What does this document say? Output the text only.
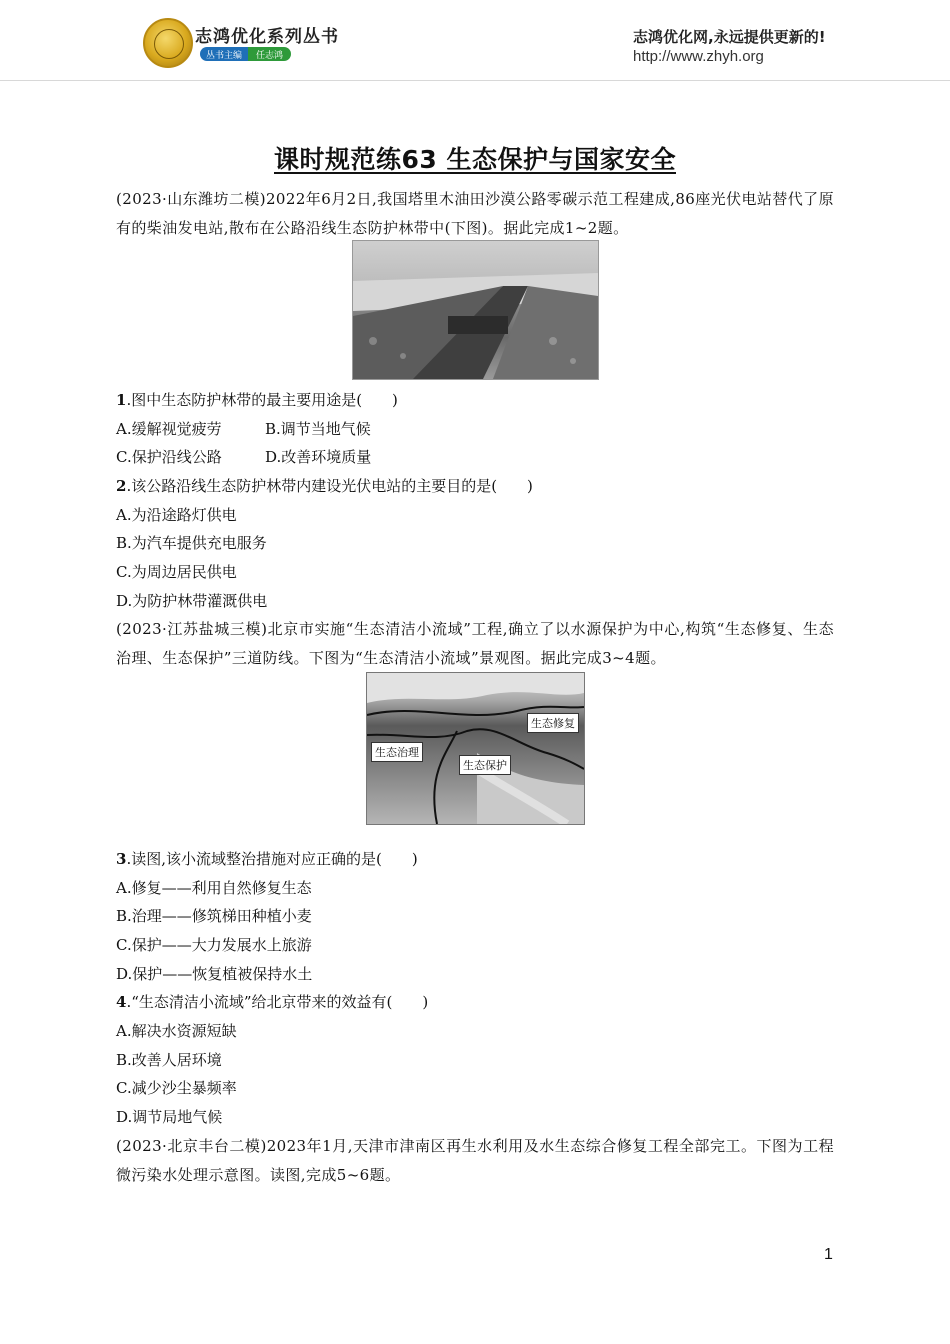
志鸿优化系列丛书
丛书主编	任志鸿
志鸿优化网,永远提供更新的!
http://www.zhyh.org
课时规范练63 生态保护与国家安全
(2023·山东潍坊二模)2022年6月2日,我国塔里木油田沙漠公路零碳示范工程建成,86座光伏电站替代了原有的柴油发电站,散布在公路沿线生态防护林带中(下图)。据此完成1~2题。
1.图中生态防护林带的最主要用途是(　　)
A.缓解视觉疲劳	B.调节当地气候
C.保护沿线公路	D.改善环境质量
2.该公路沿线生态防护林带内建设光伏电站的主要目的是(　　)
A.为沿途路灯供电
B.为汽车提供充电服务
C.为周边居民供电
D.为防护林带灌溉供电
(2023·江苏盐城三模)北京市实施“生态清洁小流域”工程,确立了以水源保护为中心,构筑“生态修复、生态治理、生态保护”三道防线。下图为“生态清洁小流域”景观图。据此完成3~4题。
生态修复
生态治理
生态保护
3.读图,该小流域整治措施对应正确的是(　　)
A.修复——利用自然修复生态
B.治理——修筑梯田种植小麦
C.保护——大力发展水上旅游
D.保护——恢复植被保持水土
4.“生态清洁小流域”给北京带来的效益有(　　)
A.解决水资源短缺
B.改善人居环境
C.减少沙尘暴频率
D.调节局地气候
(2023·北京丰台二模)2023年1月,天津市津南区再生水利用及水生态综合修复工程全部完工。下图为工程微污染水处理示意图。读图,完成5~6题。
1
